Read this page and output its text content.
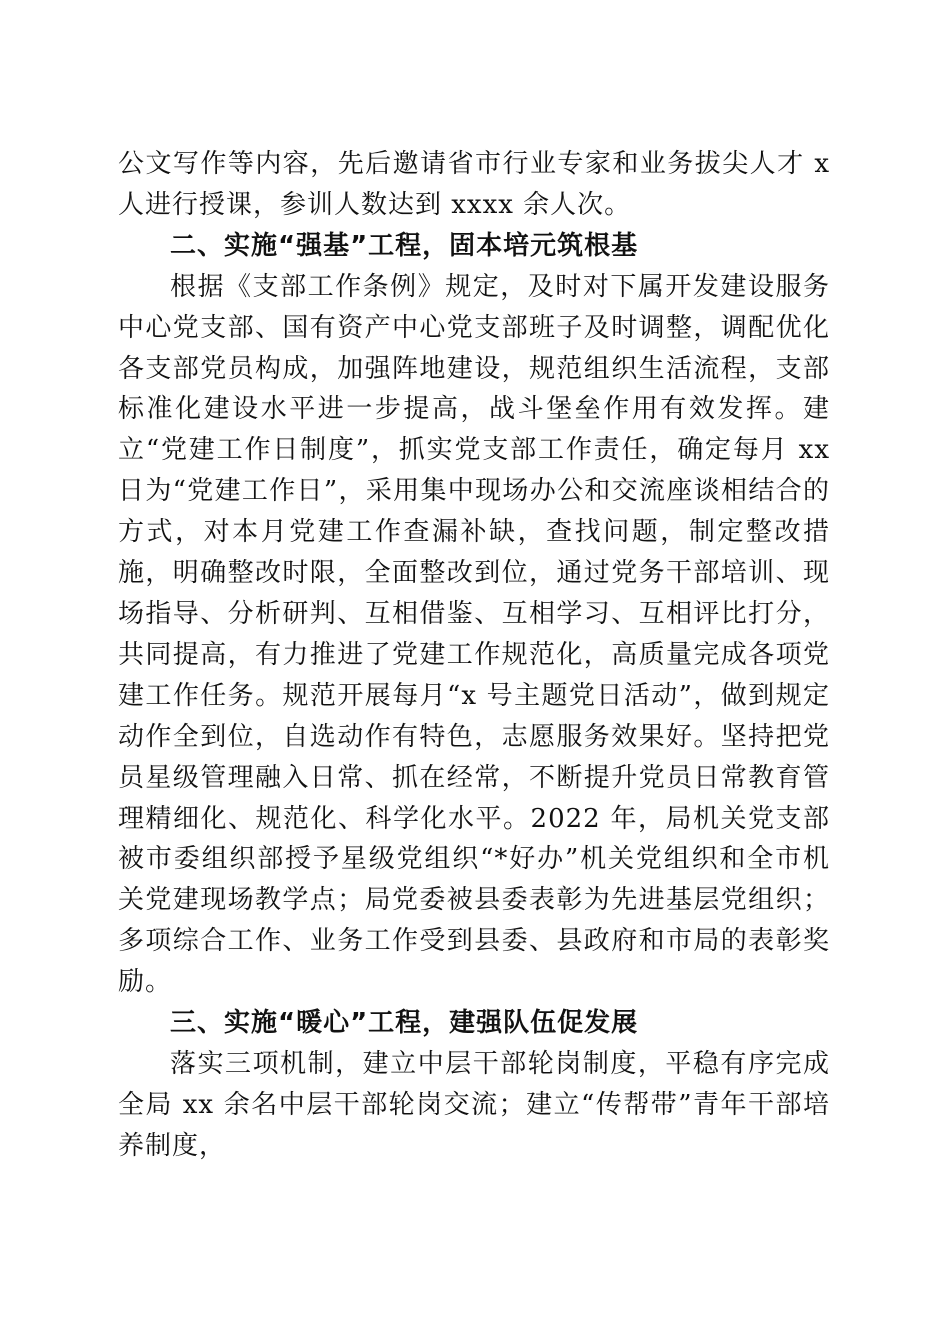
公文写作等内容，先后邀请省市行业专家和业务拔尖人才 x 人进行授课，参训人数达到 xxxx 余人次。

二、实施“强基”工程，固本培元筑根基

根据《支部工作条例》规定，及时对下属开发建设服务中心党支部、国有资产中心党支部班子及时调整，调配优化各支部党员构成，加强阵地建设，规范组织生活流程，支部标准化建设水平进一步提高，战斗堡垒作用有效发挥。建立“党建工作日制度”，抓实党支部工作责任，确定每月 xx 日为“党建工作日”，采用集中现场办公和交流座谈相结合的方式，对本月党建工作查漏补缺，查找问题，制定整改措施，明确整改时限，全面整改到位，通过党务干部培训、现场指导、分析研判、互相借鉴、互相学习、互相评比打分，共同提高，有力推进了党建工作规范化，高质量完成各项党建工作任务。规范开展每月“x 号主题党日活动”，做到规定动作全到位，自选动作有特色，志愿服务效果好。坚持把党员星级管理融入日常、抓在经常，不断提升党员日常教育管理精细化、规范化、科学化水平。2022 年，局机关党支部被市委组织部授予星级党组织“*好办”机关党组织和全市机关党建现场教学点；局党委被县委表彰为先进基层党组织；多项综合工作、业务工作受到县委、县政府和市局的表彰奖励。

三、实施“暖心”工程，建强队伍促发展

落实三项机制，建立中层干部轮岗制度，平稳有序完成全局 xx 余名中层干部轮岗交流；建立“传帮带”青年干部培养制度，
